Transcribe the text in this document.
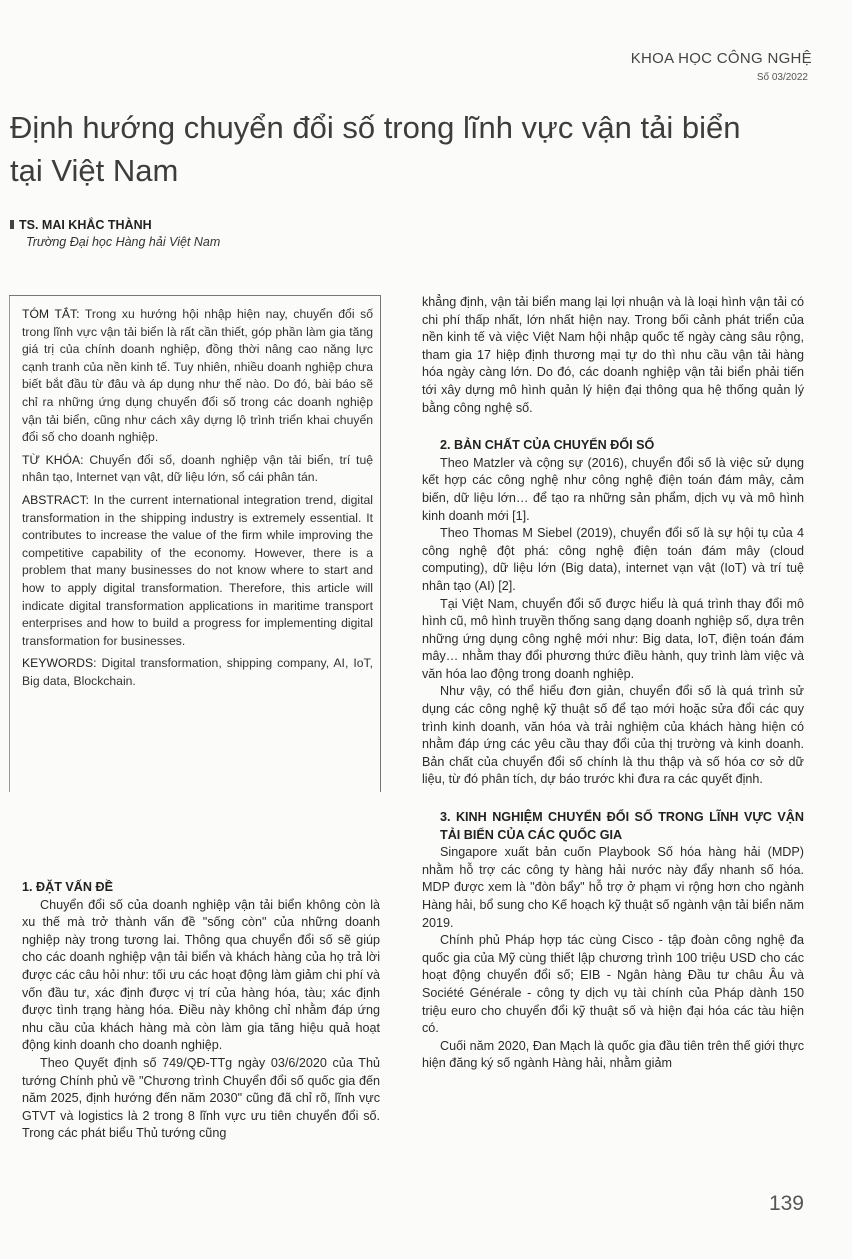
KHOA HỌC CÔNG NGHỆ
Số 03/2022
Định hướng chuyển đổi số trong lĩnh vực vận tải biển
tại Việt Nam
TS. MAI KHẮC THÀNH
Trường Đại học Hàng hải Việt Nam

TÓM TẮT: Trong xu hướng hội nhập hiện nay, chuyển đổi số trong lĩnh vực vận tải biển là rất cần thiết, góp phần làm gia tăng giá trị của chính doanh nghiệp, đồng thời nâng cao năng lực cạnh tranh của nền kinh tế. Tuy nhiên, nhiều doanh nghiệp chưa biết bắt đầu từ đâu và áp dụng như thế nào. Do đó, bài báo sẽ chỉ ra những ứng dụng chuyển đổi số trong các doanh nghiệp vận tải biển, cũng như cách xây dựng lộ trình triển khai chuyển đổi số cho doanh nghiệp.

TỪ KHÓA: Chuyển đổi số, doanh nghiệp vận tải biển, trí tuệ nhân tạo, Internet vạn vật, dữ liệu lớn, sổ cái phân tán.

ABSTRACT: In the current international integration trend, digital transformation in the shipping industry is extremely essential. It contributes to increase the value of the firm while improving the competitive capability of the economy. However, there is a problem that many businesses do not know where to start and how to apply digital transformation. Therefore, this article will indicate digital transformation applications in maritime transport enterprises and how to build a progress for implementing digital transformation for businesses.

KEYWORDS: Digital transformation, shipping company, AI, IoT, Big data, Blockchain.

1. ĐẶT VẤN ĐỀ

Chuyển đổi số của doanh nghiệp vận tải biển không còn là xu thế mà trở thành vấn đề "sống còn" của những doanh nghiệp này trong tương lai. Thông qua chuyển đổi số sẽ giúp cho các doanh nghiệp vận tải biển và khách hàng của họ trả lời được các câu hỏi như: tối ưu các hoạt động làm giảm chi phí và vốn đầu tư, xác định được vị trí của hàng hóa, tàu; xác định được tình trạng hàng hóa. Điều này không chỉ nhằm đáp ứng nhu cầu của khách hàng mà còn làm gia tăng hiệu quả hoạt động kinh doanh cho doanh nghiệp.

Theo Quyết định số 749/QĐ-TTg ngày 03/6/2020 của Thủ tướng Chính phủ về "Chương trình Chuyển đổi số quốc gia đến năm 2025, định hướng đến năm 2030" cũng đã chỉ rõ, lĩnh vực GTVT và logistics là 2 trong 8 lĩnh vực ưu tiên chuyển đổi số. Trong các phát biểu Thủ tướng cũng

khẳng định, vận tải biển mang lại lợi nhuận và là loại hình vận tải có chi phí thấp nhất, lớn nhất hiện nay. Trong bối cảnh phát triển của nền kinh tế và việc Việt Nam hội nhập quốc tế ngày càng sâu rộng, tham gia 17 hiệp định thương mại tự do thì nhu cầu vận tải hàng hóa ngày càng lớn. Do đó, các doanh nghiệp vận tải biển phải tiến tới xây dựng mô hình quản lý hiện đại thông qua hệ thống quản lý bằng công nghệ số.

2. BẢN CHẤT CỦA CHUYỂN ĐỔI SỐ

Theo Matzler và cộng sự (2016), chuyển đổi số là việc sử dụng kết hợp các công nghệ như công nghệ điện toán đám mây, cảm biến, dữ liệu lớn… để tạo ra những sản phẩm, dịch vụ và mô hình kinh doanh mới [1].

Theo Thomas M Siebel (2019), chuyển đổi số là sự hội tụ của 4 công nghệ đột phá: công nghệ điện toán đám mây (cloud computing), dữ liệu lớn (Big data), internet vạn vật (IoT) và trí tuệ nhân tạo (AI) [2].

Tại Việt Nam, chuyển đổi số được hiểu là quá trình thay đổi mô hình cũ, mô hình truyền thống sang dạng doanh nghiệp số, dựa trên những ứng dụng công nghệ mới như: Big data, IoT, điện toán đám mây… nhằm thay đổi phương thức điều hành, quy trình làm việc và văn hóa lao động trong doanh nghiệp.

Như vậy, có thể hiểu đơn giản, chuyển đổi số là quá trình sử dụng các công nghệ kỹ thuật số để tạo mới hoặc sửa đổi các quy trình kinh doanh, văn hóa và trải nghiệm của khách hàng hiện có nhằm đáp ứng các yêu cầu thay đổi của thị trường và kinh doanh. Bản chất của chuyển đổi số chính là thu thập và số hóa cơ sở dữ liệu, từ đó phân tích, dự báo trước khi đưa ra các quyết định.

3. KINH NGHIỆM CHUYỂN ĐỔI SỐ TRONG LĨNH VỰC VẬN TẢI BIỂN CỦA CÁC QUỐC GIA

Singapore xuất bản cuốn Playbook Số hóa hàng hải (MDP) nhằm hỗ trợ các công ty hàng hải nước này đẩy nhanh số hóa. MDP được xem là "đòn bẩy" hỗ trợ ở phạm vi rộng hơn cho ngành Hàng hải, bổ sung cho Kế hoạch kỹ thuật số ngành vận tải biển năm 2019.

Chính phủ Pháp hợp tác cùng Cisco - tập đoàn công nghệ đa quốc gia của Mỹ cùng thiết lập chương trình 100 triệu USD cho các hoạt động chuyển đổi số; EIB - Ngân hàng Đầu tư châu Âu và Société Générale - công ty dịch vụ tài chính của Pháp dành 150 triệu euro cho chuyển đổi kỹ thuật số và hiện đại hóa các tàu hiện có.

Cuối năm 2020, Đan Mạch là quốc gia đầu tiên trên thế giới thực hiện đăng ký số ngành Hàng hải, nhằm giảm

139
